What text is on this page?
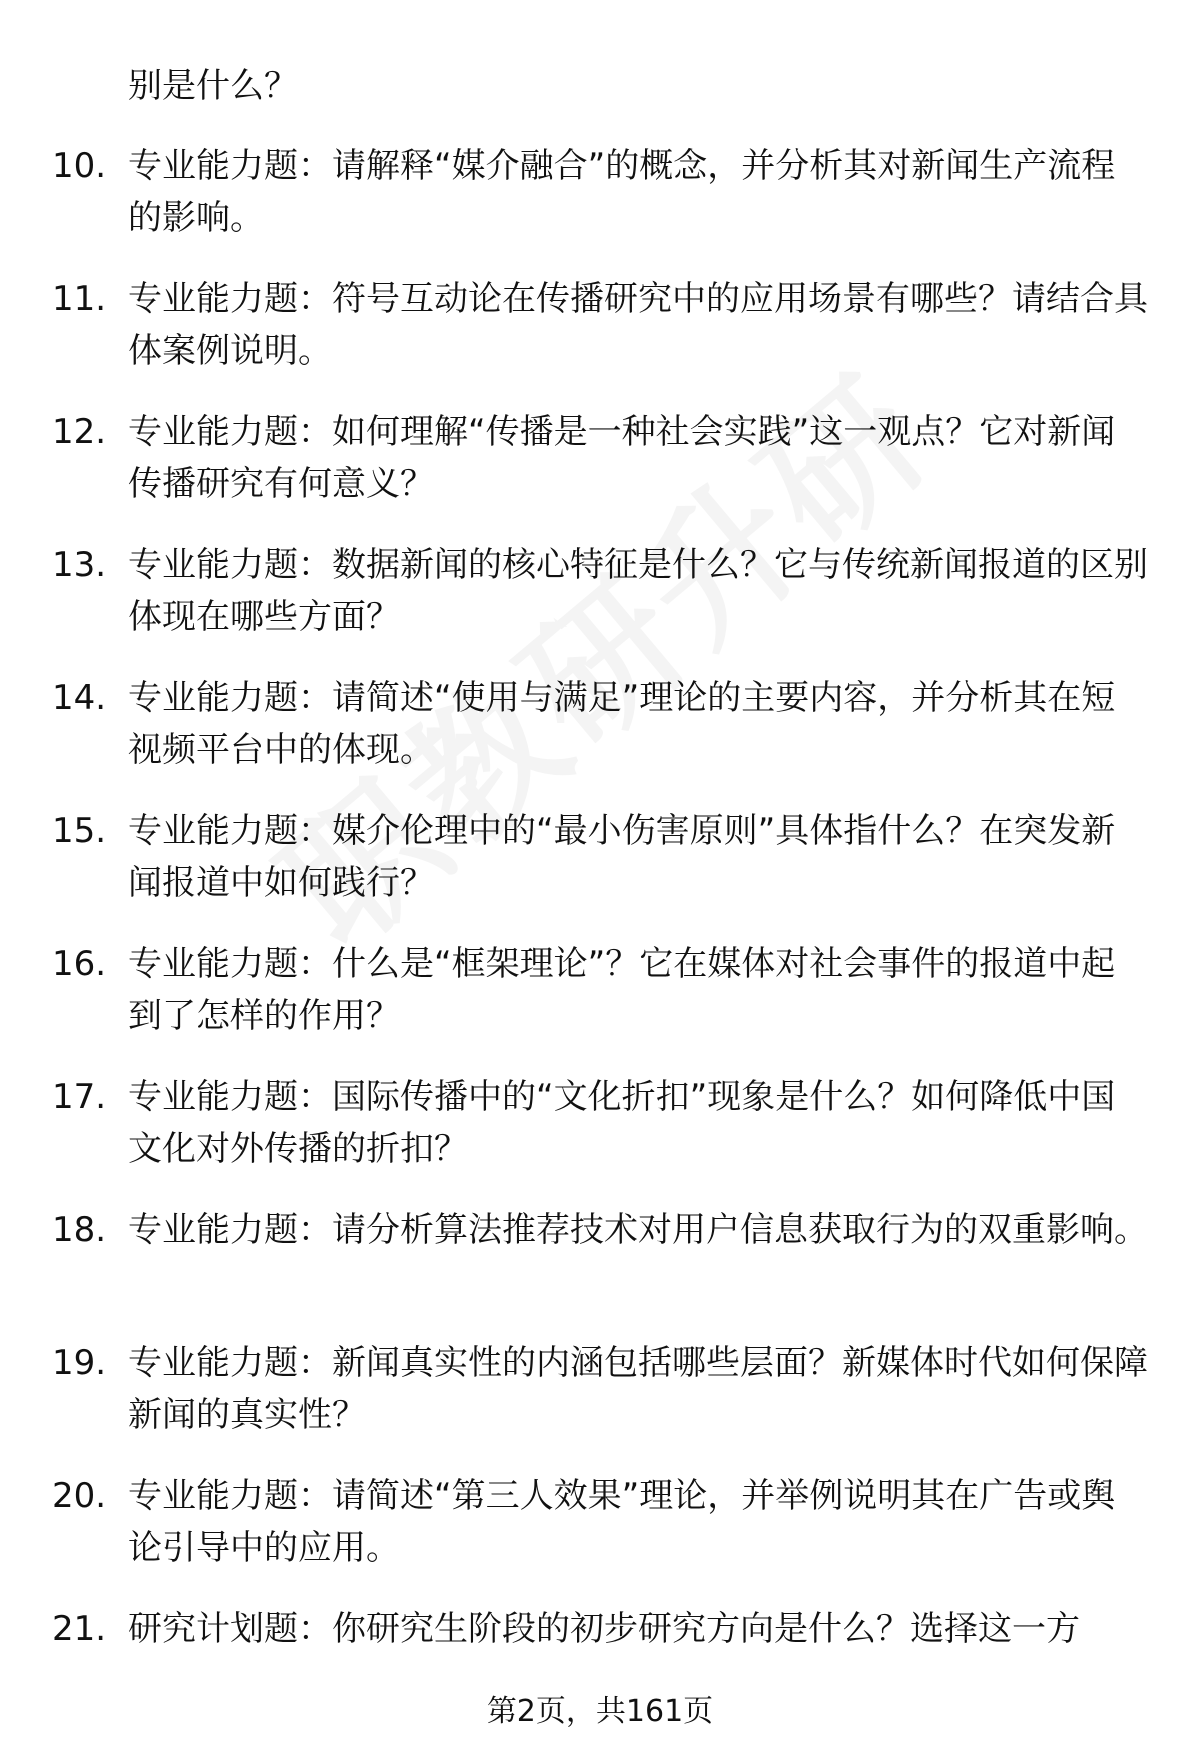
别是什么？
10. 专业能力题：请解释“媒介融合”的概念，并分析其对新闻生产流程的影响。
11. 专业能力题：符号互动论在传播研究中的应用场景有哪些？请结合具体案例说明。
12. 专业能力题：如何理解“传播是一种社会实践”这一观点？它对新闻传播研究有何意义？
13. 专业能力题：数据新闻的核心特征是什么？它与传统新闻报道的区别体现在哪些方面？
14. 专业能力题：请简述“使用与满足”理论的主要内容，并分析其在短视频平台中的体现。
15. 专业能力题：媒介伦理中的“最小伤害原则”具体指什么？在突发新闻报道中如何践行？
16. 专业能力题：什么是“框架理论”？它在媒体对社会事件的报道中起到了怎样的作用？
17. 专业能力题：国际传播中的“文化折扣”现象是什么？如何降低中国文化对外传播的折扣？
18. 专业能力题：请分析算法推荐技术对用户信息获取行为的双重影响。
19. 专业能力题：新闻真实性的内涵包括哪些层面？新媒体时代如何保障新闻的真实性？
20. 专业能力题：请简述“第三人效果”理论，并举例说明其在广告或舆论引导中的应用。
21. 研究计划题：你研究生阶段的初步研究方向是什么？选择这一方
第2页，共161页
